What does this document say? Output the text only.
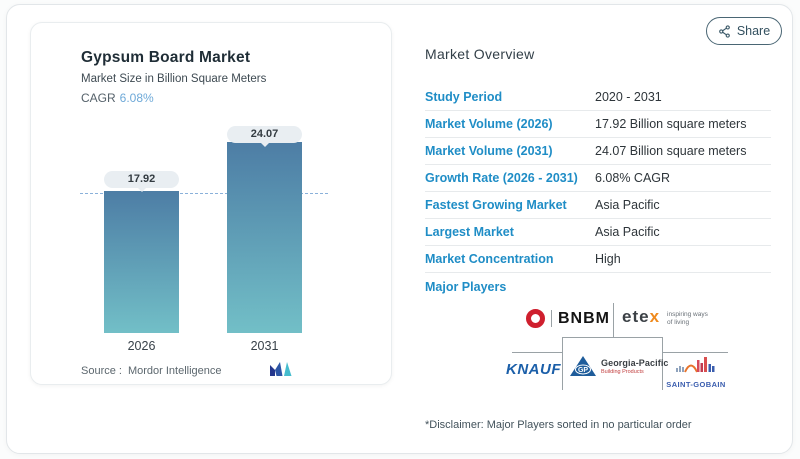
Share
Gypsum Board Market
Market Size in Billion Square Meters
CAGR 6.08%
17.92
24.07
2026	2031
Source : Mordor Intelligence
Market Overview
Study Period	2020 - 2031
Market Volume (2026)	17.92 Billion square meters
Market Volume (2031)	24.07 Billion square meters
Growth Rate (2026 - 2031)	6.08% CAGR
Fastest Growing Market	Asia Pacific
Largest Market	Asia Pacific
Market Concentration	High
Major Players
BNBM etex inspiring ways
of living
KNAUF GP
Georgia-Pacific
Building Products
SAINT-GOBAIN
*Disclaimer: Major Players sorted in no particular order
